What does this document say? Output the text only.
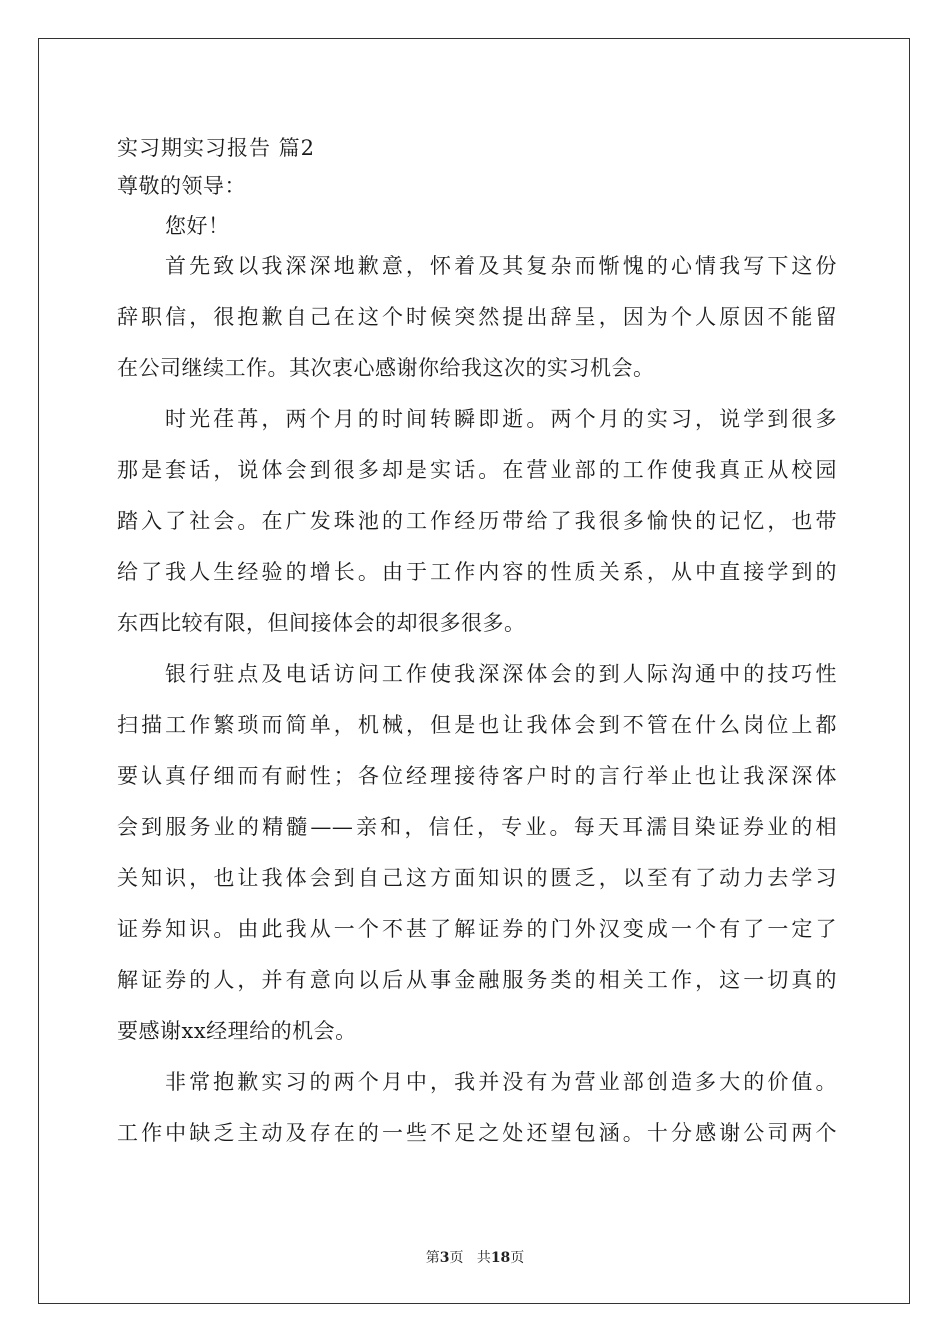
实习期实习报告 篇2
尊敬的领导：
您好！
首先致以我深深地歉意，怀着及其复杂而惭愧的心情我写下这份
辞职信，很抱歉自己在这个时候突然提出辞呈，因为个人原因不能留
在公司继续工作。其次衷心感谢你给我这次的实习机会。
时光荏苒，两个月的时间转瞬即逝。两个月的实习，说学到很多
那是套话，说体会到很多却是实话。在营业部的工作使我真正从校园
踏入了社会。在广发珠池的工作经历带给了我很多愉快的记忆，也带
给了我人生经验的增长。由于工作内容的性质关系，从中直接学到的
东西比较有限，但间接体会的却很多很多。
银行驻点及电话访问工作使我深深体会的到人际沟通中的技巧性
扫描工作繁琐而简单，机械，但是也让我体会到不管在什么岗位上都
要认真仔细而有耐性；各位经理接待客户时的言行举止也让我深深体
会到服务业的精髓——亲和，信任，专业。每天耳濡目染证券业的相
关知识，也让我体会到自己这方面知识的匮乏，以至有了动力去学习
证券知识。由此我从一个不甚了解证券的门外汉变成一个有了一定了
解证券的人，并有意向以后从事金融服务类的相关工作，这一切真的
要感谢xx经理给的机会。
非常抱歉实习的两个月中，我并没有为营业部创造多大的价值。
工作中缺乏主动及存在的一些不足之处还望包涵。十分感谢公司两个
第3页 共18页
